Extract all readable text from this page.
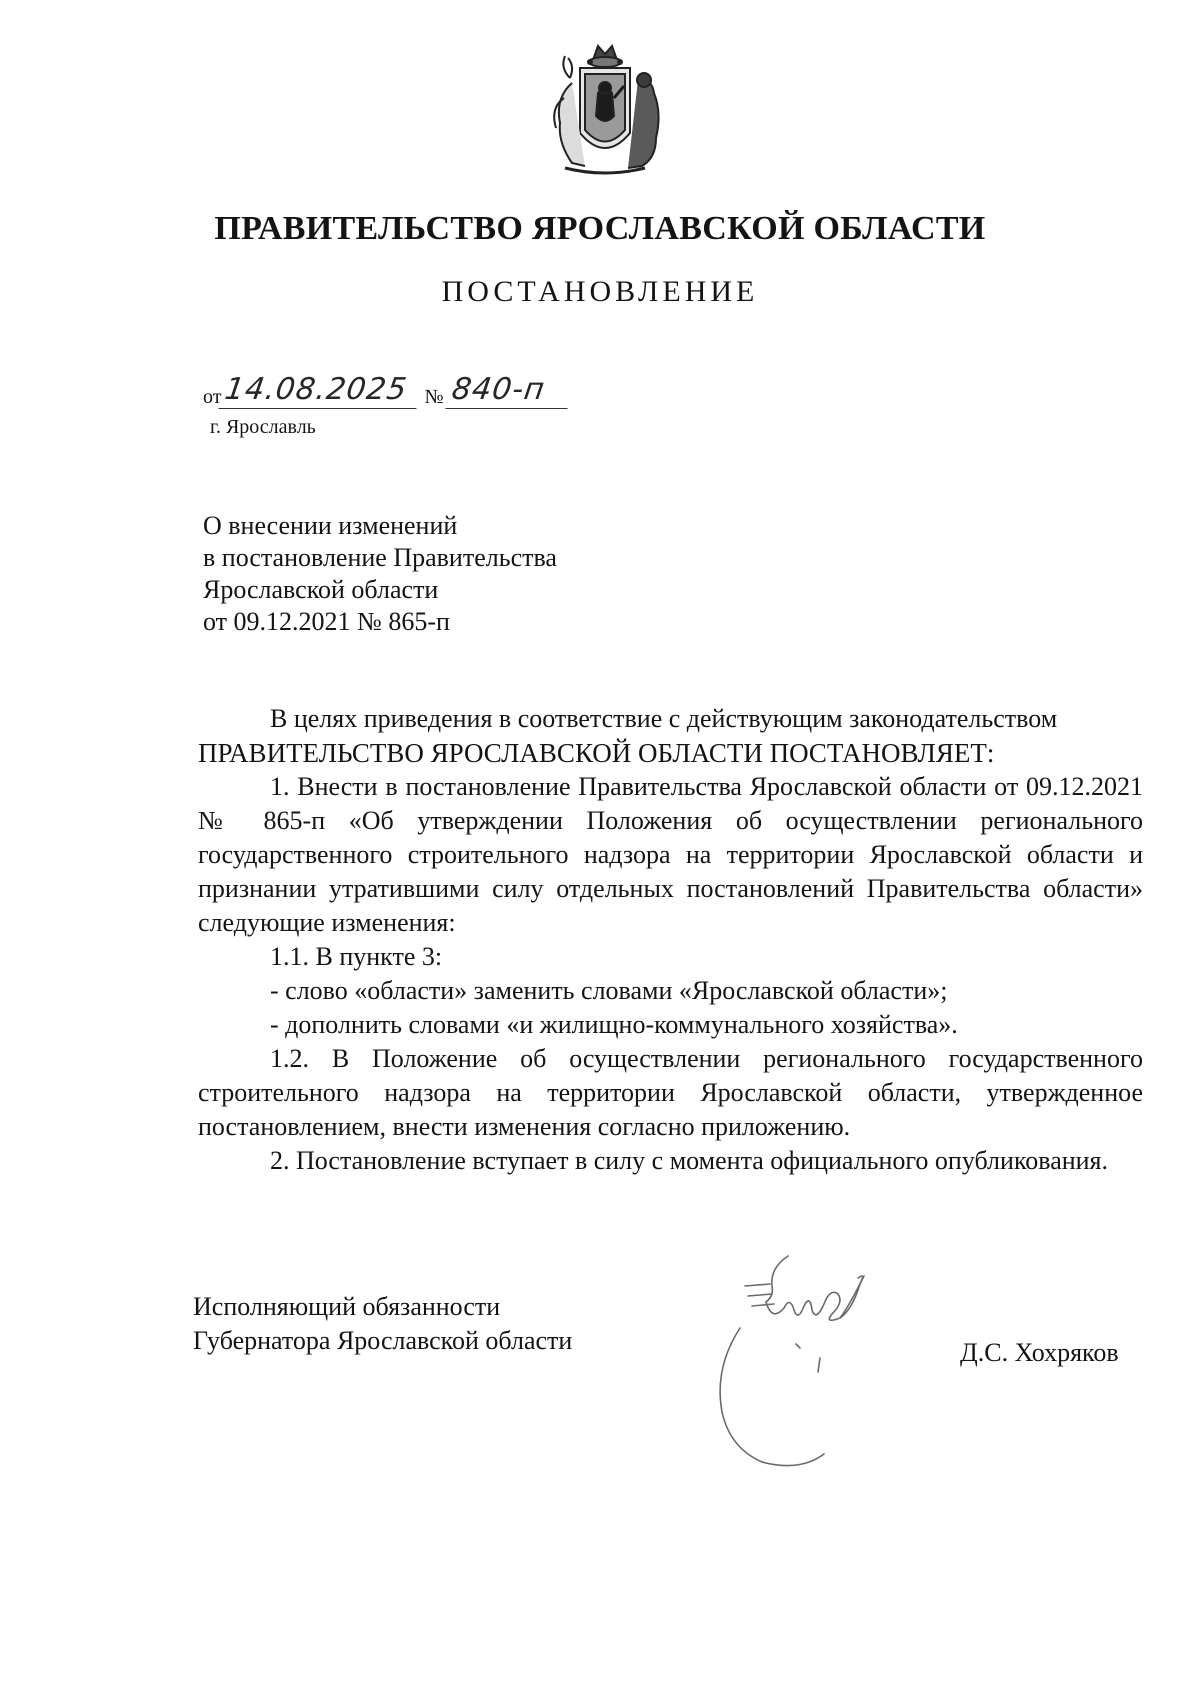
ПРАВИТЕЛЬСТВО ЯРОСЛАВСКОЙ ОБЛАСТИ
ПОСТАНОВЛЕНИЕ
от14.08.2025 № 840-п
г. Ярославль
О внесении изменений
в постановление Правительства
Ярославской области
от 09.12.2021 № 865-п

В целях приведения в соответствие с действующим законодательством

ПРАВИТЕЛЬСТВО ЯРОСЛАВСКОЙ ОБЛАСТИ ПОСТАНОВЛЯЕТ:

1. Внести в постановление Правительства Ярославской области от 09.12.2021 № 865-п «Об утверждении Положения об осуществлении регионального государственного строительного надзора на территории Ярославской области и признании утратившими силу отдельных постановлений Правительства области» следующие изменения:

1.1. В пункте 3:

- слово «области» заменить словами «Ярославской области»;

- дополнить словами «и жилищно-коммунального хозяйства».

1.2. В Положение об осуществлении регионального государственного строительного надзора на территории Ярославской области, утвержденное постановлением, внести изменения согласно приложению.

2. Постановление вступает в силу с момента официального опубликования.

Исполняющий обязанности
Губернатора Ярославской области	Д.С. Хохряков
